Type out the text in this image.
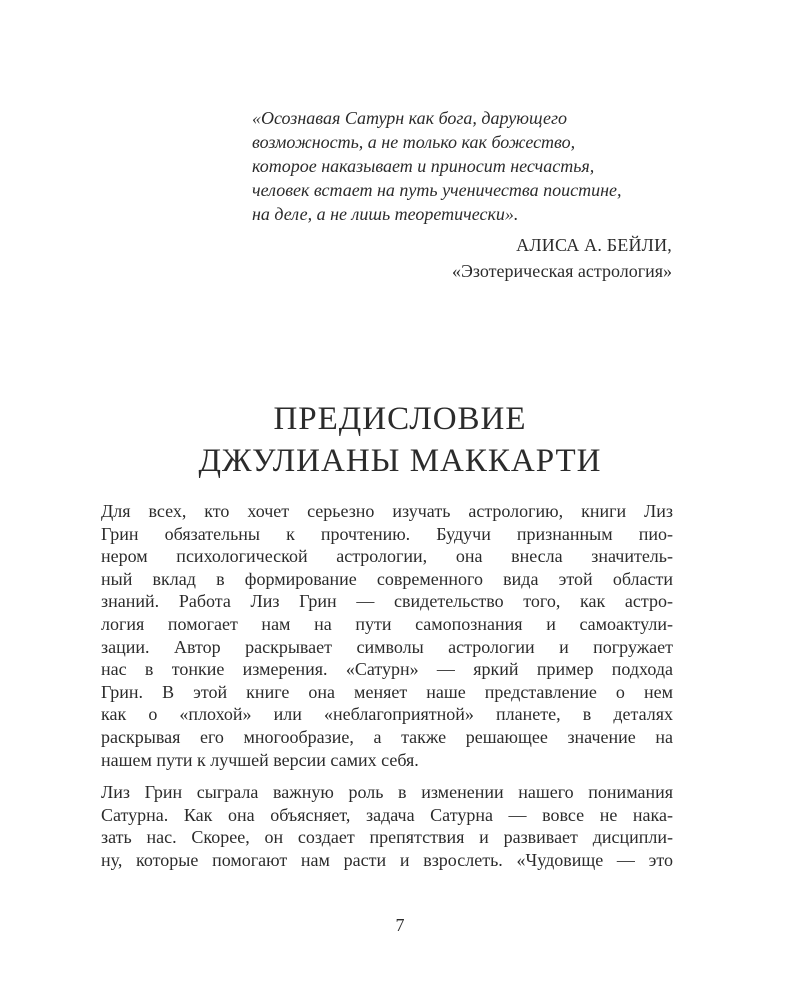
«Осознавая Сатурн как бога, дарующего
возможность, а не только как божество,
которое наказывает и приносит несчастья,
человек встает на путь ученичества поистине,
на деле, а не лишь теоретически».
АЛИСА А. БЕЙЛИ,
«Эзотерическая астрология»
ПРЕДИСЛОВИЕ
ДЖУЛИАНЫ МАККАРТИ

Для всех, кто хочет серьезно изучать астрологию, книги Лиз
Грин обязательны к прочтению. Будучи признанным пио-
нером психологической астрологии, она внесла значитель-
ный вклад в формирование современного вида этой области
знаний. Работа Лиз Грин — свидетельство того, как астро-
логия помогает нам на пути самопознания и самоактули-
зации. Автор раскрывает символы астрологии и погружает
нас в тонкие измерения. «Сатурн» — яркий пример подхода
Грин. В этой книге она меняет наше представление о нем
как о «плохой» или «неблагоприятной» планете, в деталях
раскрывая его многообразие, а также решающее значение на
нашем пути к лучшей версии самих себя.

Лиз Грин сыграла важную роль в изменении нашего понимания
Сатурна. Как она объясняет, задача Сатурна — вовсе не нака-
зать нас. Скорее, он создает препятствия и развивает дисципли-
ну, которые помогают нам расти и взрослеть. «Чудовище — это

7
